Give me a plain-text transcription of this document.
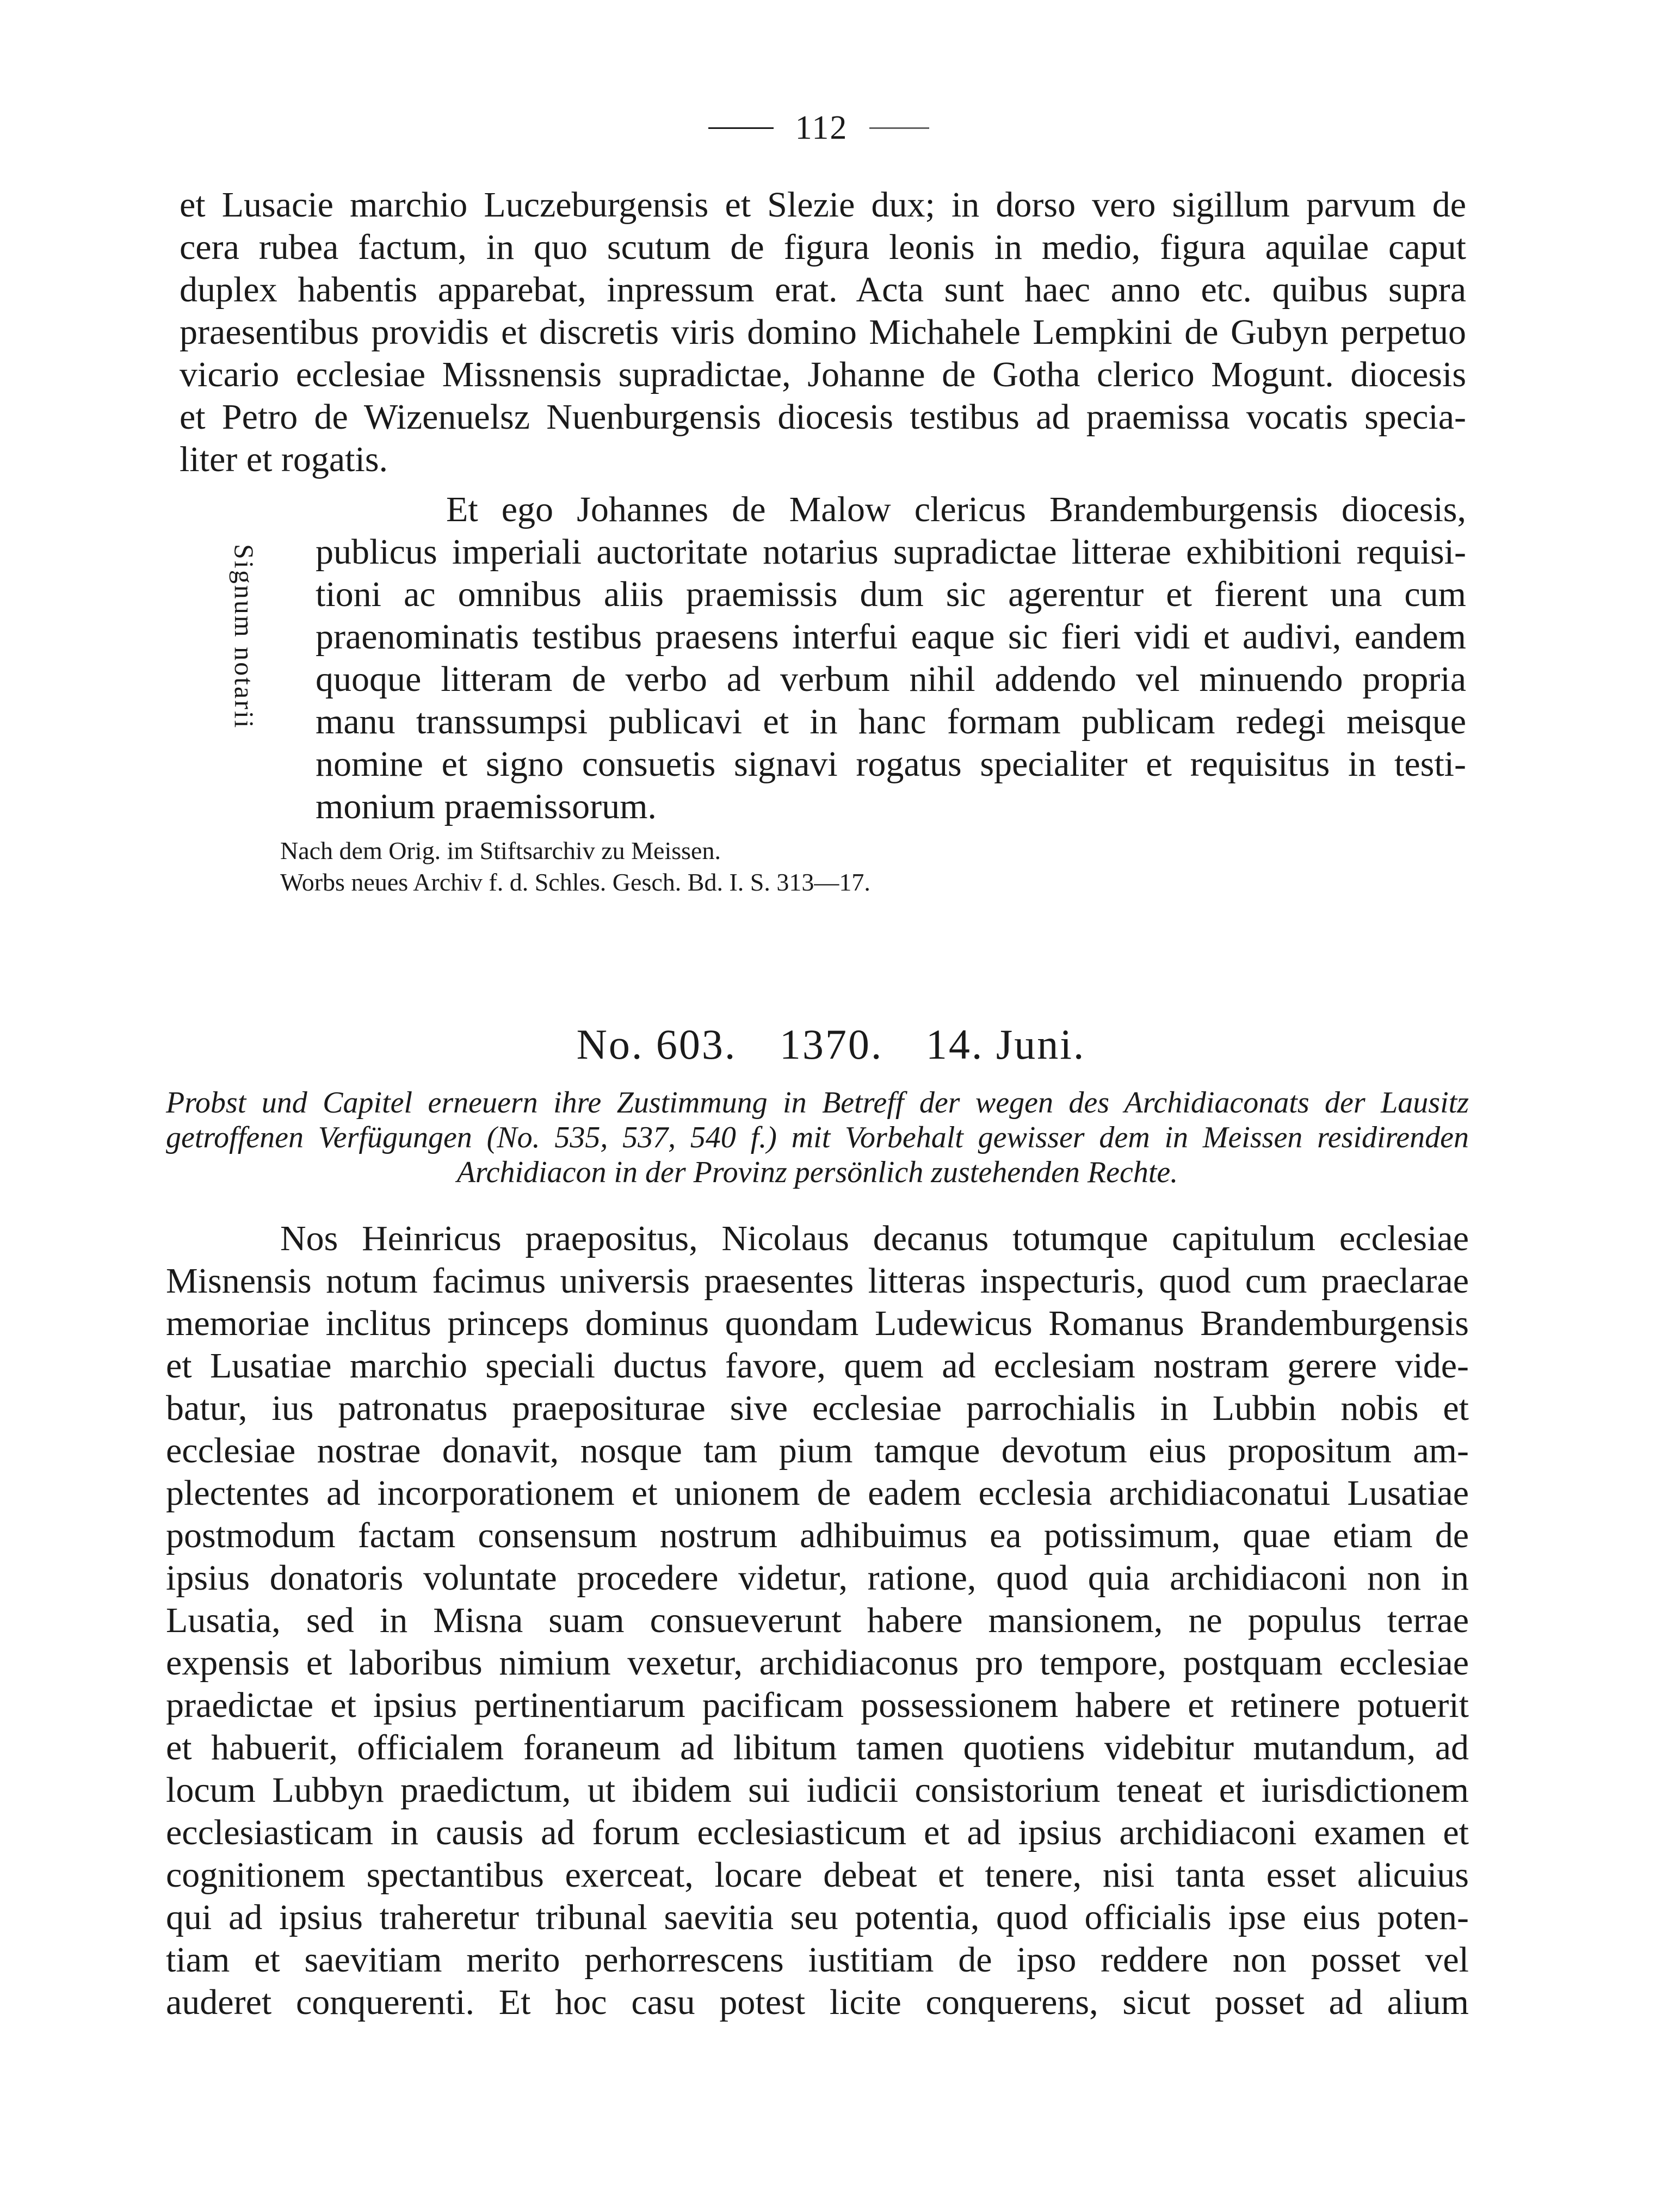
112
et Lusacie marchio Luczeburgensis et Slezie dux; in dorso vero sigillum parvum de
cera rubea factum, in quo scutum de figura leonis in medio, figura aquilae caput
duplex habentis apparebat, inpressum erat. Acta sunt haec anno etc. quibus supra
praesentibus providis et discretis viris domino Michahele Lempkini de Gubyn perpetuo
vicario ecclesiae Missnensis supradictae, Johanne de Gotha clerico Mogunt. diocesis
et Petro de Wizenuelsz Nuenburgensis diocesis testibus ad praemissa vocatis specia-
liter et rogatis.
Signum notarii
Et ego Johannes de Malow clericus Brandemburgensis diocesis,
publicus imperiali auctoritate notarius supradictae litterae exhibitioni requisi-
tioni ac omnibus aliis praemissis dum sic agerentur et fierent una cum
praenominatis testibus praesens interfui eaque sic fieri vidi et audivi, eandem
quoque litteram de verbo ad verbum nihil addendo vel minuendo propria
manu transsumpsi publicavi et in hanc formam publicam redegi meisque
nomine et signo consuetis signavi rogatus specialiter et requisitus in testi-
monium praemissorum.
Nach dem Orig. im Stiftsarchiv zu Meissen.
Worbs neues Archiv f. d. Schles. Gesch. Bd. I. S. 313—17.
No. 603. 1370. 14. Juni.
Probst und Capitel erneuern ihre Zustimmung in Betreff der wegen des Archidiaconats der Lausitz
getroffenen Verfügungen (No. 535, 537, 540 f.) mit Vorbehalt gewisser dem in Meissen residirenden
Archidiacon in der Provinz persönlich zustehenden Rechte.
Nos Heinricus praepositus, Nicolaus decanus totumque capitulum ecclesiae
Misnensis notum facimus universis praesentes litteras inspecturis, quod cum praeclarae
memoriae inclitus princeps dominus quondam Ludewicus Romanus Brandemburgensis
et Lusatiae marchio speciali ductus favore, quem ad ecclesiam nostram gerere vide-
batur, ius patronatus praepositurae sive ecclesiae parrochialis in Lubbin nobis et
ecclesiae nostrae donavit, nosque tam pium tamque devotum eius propositum am-
plectentes ad incorporationem et unionem de eadem ecclesia archidiaconatui Lusatiae
postmodum factam consensum nostrum adhibuimus ea potissimum, quae etiam de
ipsius donatoris voluntate procedere videtur, ratione, quod quia archidiaconi non in
Lusatia, sed in Misna suam consueverunt habere mansionem, ne populus terrae
expensis et laboribus nimium vexetur, archidiaconus pro tempore, postquam ecclesiae
praedictae et ipsius pertinentiarum pacificam possessionem habere et retinere potuerit
et habuerit, officialem foraneum ad libitum tamen quotiens videbitur mutandum, ad
locum Lubbyn praedictum, ut ibidem sui iudicii consistorium teneat et iurisdictionem
ecclesiasticam in causis ad forum ecclesiasticum et ad ipsius archidiaconi examen et
cognitionem spectantibus exerceat, locare debeat et tenere, nisi tanta esset alicuius
qui ad ipsius traheretur tribunal saevitia seu potentia, quod officialis ipse eius poten-
tiam et saevitiam merito perhorrescens iustitiam de ipso reddere non posset vel
auderet conquerenti. Et hoc casu potest licite conquerens, sicut posset ad alium
